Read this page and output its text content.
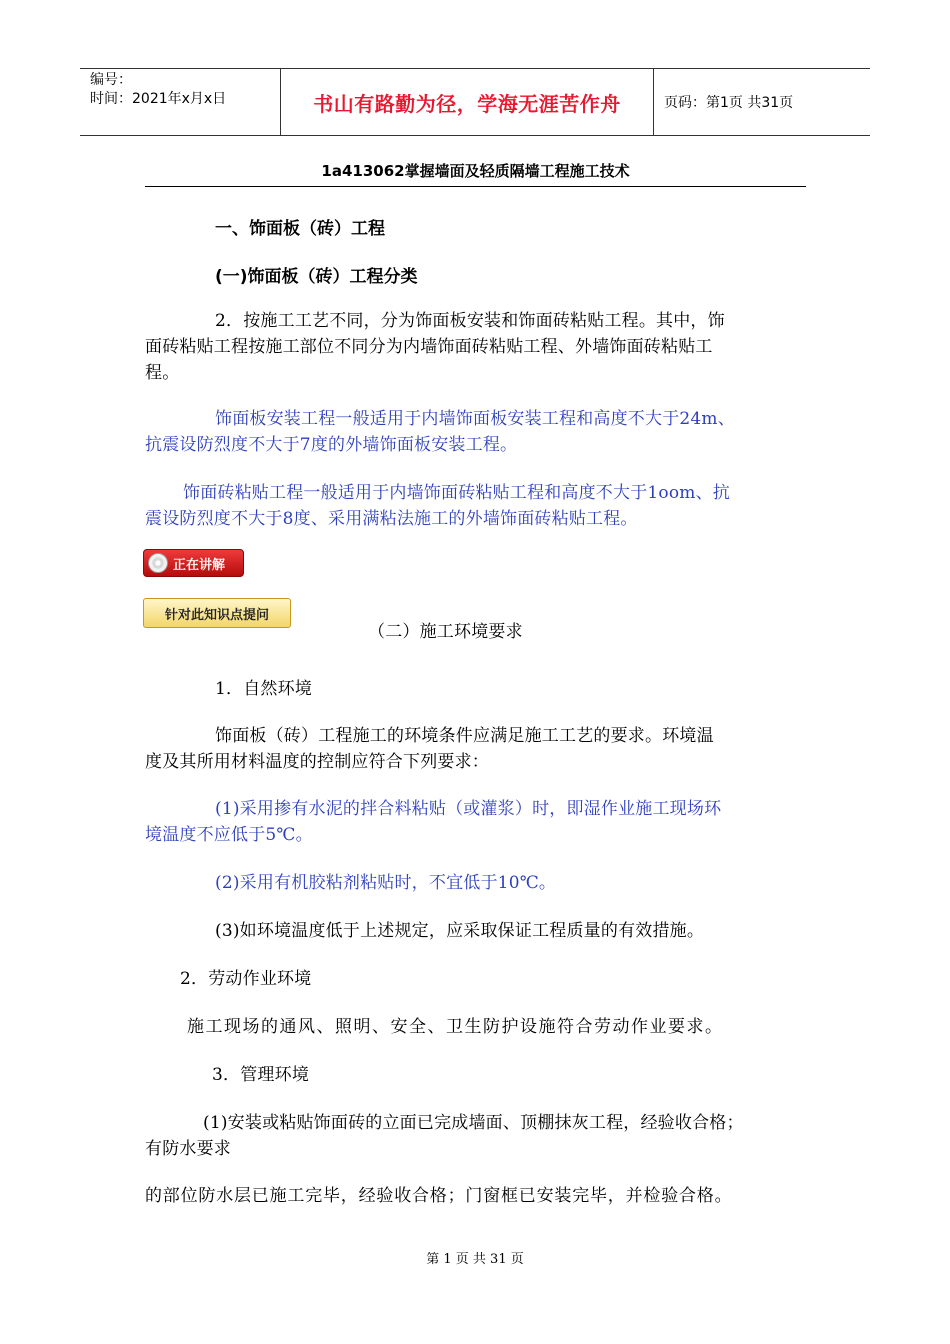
编号：
时间：2021年x月x日	书山有路勤为径，学海无涯苦作舟	页码：第1页 共31页
1a413062掌握墙面及轻质隔墙工程施工技术
一、饰面板（砖）工程
(一)饰面板（砖）工程分类
2．按施工工艺不同，分为饰面板安装和饰面砖粘贴工程。其中，饰
面砖粘贴工程按施工部位不同分为内墙饰面砖粘贴工程、外墙饰面砖粘贴工
程。
饰面板安装工程一般适用于内墙饰面板安装工程和高度不大于24m、
抗震设防烈度不大于7度的外墙饰面板安装工程。
饰面砖粘贴工程一般适用于内墙饰面砖粘贴工程和高度不大于1oom、抗
震设防烈度不大于8度、采用满粘法施工的外墙饰面砖粘贴工程。
正在讲解
针对此知识点提问
（二）施工环境要求
1．自然环境
饰面板（砖）工程施工的环境条件应满足施工工艺的要求。环境温
度及其所用材料温度的控制应符合下列要求：
(1)采用掺有水泥的拌合料粘贴（或灌浆）时，即湿作业施工现场环
境温度不应低于5℃。
(2)采用有机胶粘剂粘贴时，不宜低于10℃。
(3)如环境温度低于上述规定，应采取保证工程质量的有效措施。
2．劳动作业环境
施工现场的通风、照明、安全、卫生防护设施符合劳动作业要求。
3．管理环境
(1)安装或粘贴饰面砖的立面已完成墙面、顶棚抹灰工程，经验收合格；
有防水要求
的部位防水层已施工完毕，经验收合格；门窗框已安装完毕，并检验合格。
第 1 页 共 31 页
